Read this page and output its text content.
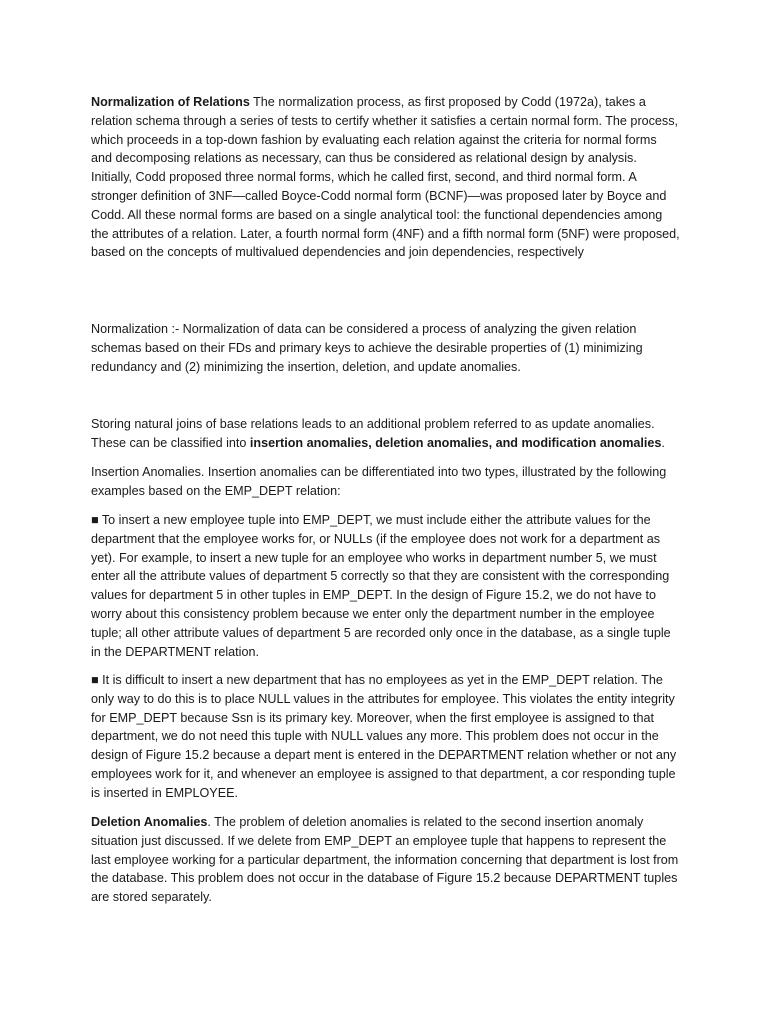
Normalization of Relations The normalization process, as first proposed by Codd (1972a), takes a relation schema through a series of tests to certify whether it satisfies a certain normal form. The process, which proceeds in a top-down fashion by evaluating each relation against the criteria for normal forms and decomposing relations as necessary, can thus be considered as relational design by analysis. Initially, Codd proposed three normal forms, which he called first, second, and third normal form. A stronger definition of 3NF—called Boyce-Codd normal form (BCNF)—was proposed later by Boyce and Codd. All these normal forms are based on a single analytical tool: the functional dependencies among the attributes of a relation. Later, a fourth normal form (4NF) and a fifth normal form (5NF) were proposed, based on the concepts of multivalued dependencies and join dependencies, respectively

Normalization :- Normalization of data can be considered a process of analyzing the given relation schemas based on their FDs and primary keys to achieve the desirable properties of (1) minimizing redundancy and (2) minimizing the insertion, deletion, and update anomalies.

Storing natural joins of base relations leads to an additional problem referred to as update anomalies. These can be classified into insertion anomalies, deletion anomalies, and modification anomalies.

Insertion Anomalies. Insertion anomalies can be differentiated into two types, illustrated by the following examples based on the EMP_DEPT relation:

■ To insert a new employee tuple into EMP_DEPT, we must include either the attribute values for the department that the employee works for, or NULLs (if the employee does not work for a department as yet). For example, to insert a new tuple for an employee who works in department number 5, we must enter all the attribute values of department 5 correctly so that they are consistent with the corresponding values for department 5 in other tuples in EMP_DEPT. In the design of Figure 15.2, we do not have to worry about this consistency problem because we enter only the department number in the employee tuple; all other attribute values of department 5 are recorded only once in the database, as a single tuple in the DEPARTMENT relation.

■ It is difficult to insert a new department that has no employees as yet in the EMP_DEPT relation. The only way to do this is to place NULL values in the attributes for employee. This violates the entity integrity for EMP_DEPT because Ssn is its primary key. Moreover, when the first employee is assigned to that department, we do not need this tuple with NULL values any more. This problem does not occur in the design of Figure 15.2 because a depart ment is entered in the DEPARTMENT relation whether or not any employees work for it, and whenever an employee is assigned to that department, a cor responding tuple is inserted in EMPLOYEE.

Deletion Anomalies. The problem of deletion anomalies is related to the second insertion anomaly situation just discussed. If we delete from EMP_DEPT an employee tuple that happens to represent the last employee working for a particular department, the information concerning that department is lost from the database. This problem does not occur in the database of Figure 15.2 because DEPARTMENT tuples are stored separately.
